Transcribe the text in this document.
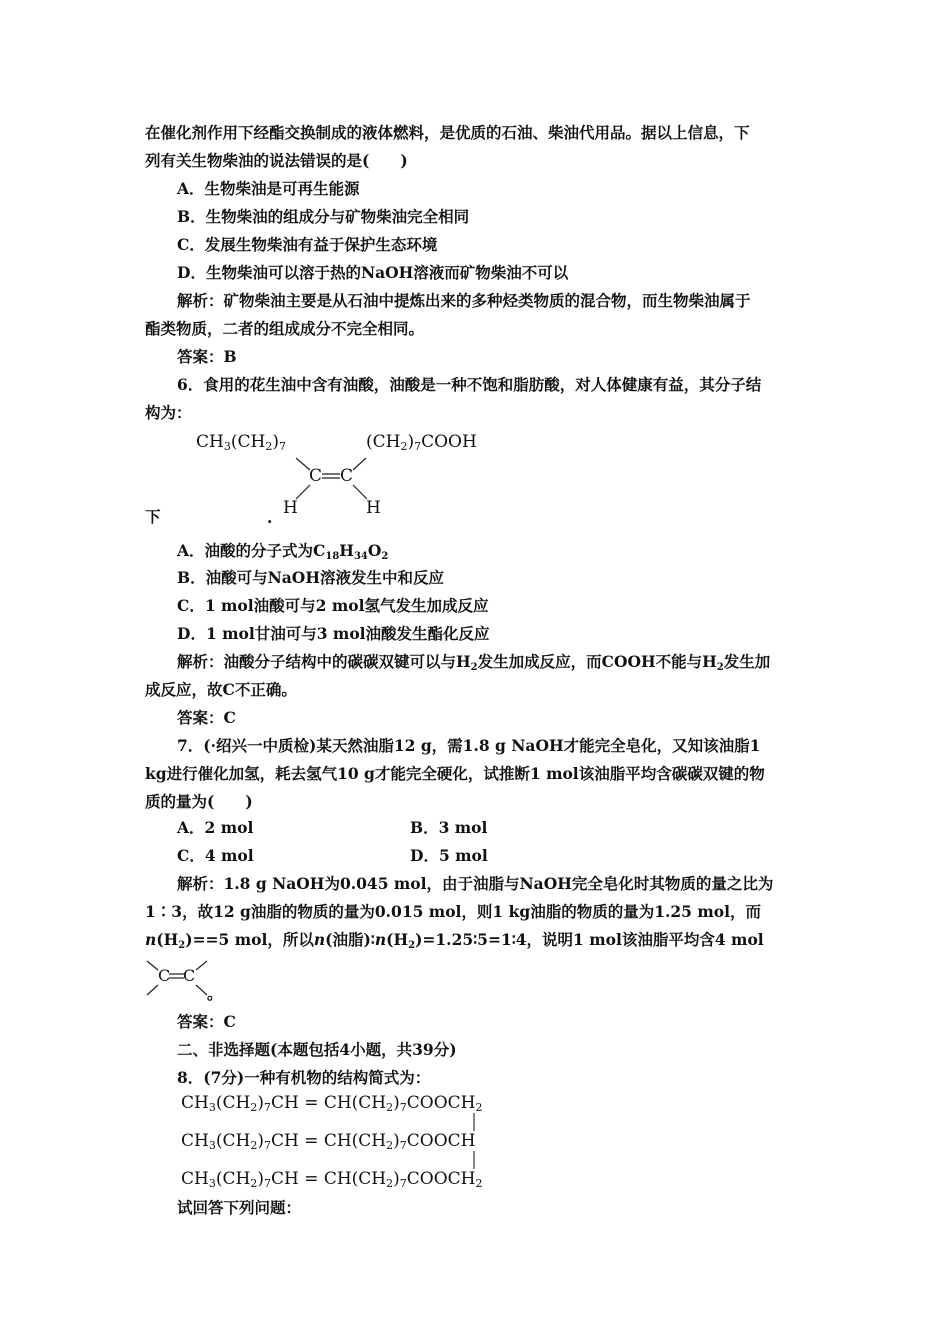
在催化剂作用下经酯交换制成的液体燃料，是优质的石油、柴油代用品。据以上信息，下
列有关生物柴油的说法错误的是(　　)
A．生物柴油是可再生能源
B．生物柴油的组成分与矿物柴油完全相同
C．发展生物柴油有益于保护生态环境
D．生物柴油可以溶于热的NaOH溶液而矿物柴油不可以
解析：矿物柴油主要是从石油中提炼出来的多种烃类物质的混合物，而生物柴油属于
酯类物质，二者的组成成分不完全相同。
答案：B
6．食用的花生油中含有油酸，油酸是一种不饱和脂肪酸，对人体健康有益，其分子结
构为：
$CH_3(CH_2)_7$	$(CH_2)_7COOH$
C C
H	H
下	.
A．油酸的分子式为$C_{18}H_{34}O_2$
B．油酸可与NaOH溶液发生中和反应
C．1 mol油酸可与2 mol氢气发生加成反应
D．1 mol甘油可与3 mol油酸发生酯化反应
解析：油酸分子结构中的碳碳双键可以与$H_2$发生加成反应，而COOH不能与$H_2$发生加
成反应，故C不正确。
答案：C
7．(·绍兴一中质检)某天然油脂12 g，需1.8 g NaOH才能完全皂化，又知该油脂1
kg进行催化加氢，耗去氢气10 g才能完全硬化，试推断1 mol该油脂平均含碳碳双键的物
质的量为(　　)
A．2 mol	B．3 mol
C．4 mol	D．5 mol
解析：1.8 g NaOH为0.045 mol，由于油脂与NaOH完全皂化时其物质的量之比为
1∶3，故12 g油脂的物质的量为0.015 mol，则1 kg油脂的物质的量为1.25 mol，而
$n(H_2)==5$ mol，所以n(油脂)$∶n(H_2)=1.25∶5=1∶4$，说明1 mol该油脂平均含4 mol
C C
。
答案：C
二、非选择题(本题包括4小题，共39分)
8．(7分)一种有机物的结构简式为：
$CH_3(CH_2)_7CH$ = $CH(CH_2)_7COOCH_2$
$CH_3(CH_2)_7CH$ = $CH(CH_2)_7COOCH$
$CH_3(CH_2)_7CH$ = $CH(CH_2)_7COOCH_2$
试回答下列问题：
